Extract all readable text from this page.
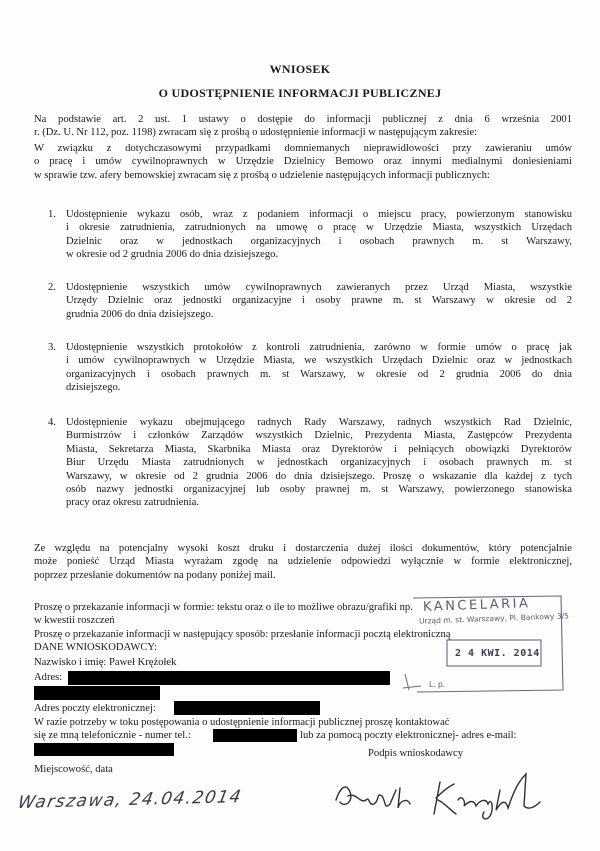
WNIOSEK
O UDOSTĘPNIENIE INFORMACJI PUBLICZNEJ
Na podstawie art. 2 ust. 1 ustawy o dostępie do informacji publicznej z dnia 6 września 2001
r. (Dz. U. Nr 112, poz. 1198) zwracam się z prośbą o udostępnienie informacji w następującym zakresie:
W związku z dotychczasowymi przypadkami domniemanych nieprawidłowości przy zawieraniu umów
o pracę i umów cywilnoprawnych w Urzędzie Dzielnicy Bemowo oraz innymi medialnymi doniesieniami
w sprawie tzw. afery bemowskiej zwracam się z prośbą o udzielenie następujących informacji publicznych:
1. Udostępnienie wykazu osób, wraz z podaniem informacji o miejscu pracy, powierzonym stanowisku
i okresie zatrudnienia, zatrudnionych na umowę o pracę w Urzędzie Miasta, wszystkich Urzędach
Dzielnic oraz w jednostkach organizacyjnych i osobach prawnych m. st Warszawy,
w okresie od 2 grudnia 2006 do dnia dzisiejszego.
2. Udostępnienie wszystkich umów cywilnoprawnych zawieranych przez Urząd Miasta, wszystkie
Urzędy Dzielnic oraz jednostki organizacyjne i osoby prawne m. st Warszawy w okresie od 2
grudnia 2006 do dnia dzisiejszego.
3. Udostępnienie wszystkich protokołów z kontroli zatrudnienia, zarówno w formie umów o pracę jak
i umów cywilnoprawnych w Urzędzie Miasta, we wszystkich Urzędach Dzielnic oraz w jednostkach
organizacyjnych i osobach prawnych m. st Warszawy, w okresie od 2 grudnia 2006 do dnia
dzisiejszego.
4. Udostępnienie wykazu obejmującego radnych Rady Warszawy, radnych wszystkich Rad Dzielnic,
Burmistrzów i członków Zarządów wszystkich Dzielnic, Prezydenta Miasta, Zastępców Prezydenta
Miasta, Sekretarza Miasta, Skarbnika Miasta oraz Dyrektorów i pełniących obowiązki Dyrektorów
Biur Urzędu Miasta zatrudnionych w jednostkach organizacyjnych i osobach prawnych m. st
Warszawy, w okresie od 2 grudnia 2006 do dnia dzisiejszego. Proszę o wskazanie dla każdej z tych
osób nazwy jednostki organizacyjnej lub osoby prawnej m. st Warszawy, powierzonego stanowiska
pracy oraz okresu zatrudnienia.
Ze względu na potencjalny wysoki koszt druku i dostarczenia dużej ilości dokumentów, który potencjalnie
może ponieść Urząd Miasta wyrażam zgodę na udzielenie odpowiedzi wyłącznie w formie elektronicznej,
poprzez przesłanie dokumentów na podany poniżej mail.
Proszę o przekazanie informacji w formie: tekstu oraz o ile to możliwe obrazu/grafiki np.
w kwestii roszczeń
Proszę o przekazanie informacji w następujący sposób: przesłanie informacji pocztą elektroniczną
DANE WNIOSKODAWCY:
Nazwisko i imię: Paweł Krężołek
Adres:
Adres poczty elektronicznej:
W razie potrzeby w toku postępowania o udostępnienie informacji publicznej proszę kontaktować
się ze mną telefonicznie - numer tel.:	lub za pomocą poczty elektronicznej- adres e-mail:
Miejscowość, data
Podpis wnioskodawcy
Warszawa, 24.04.2014
KANCELARIA
Urząd m. st. Warszawy, Pl. Bankowy 3/5
2 4 KWI. 2014
L. p.
